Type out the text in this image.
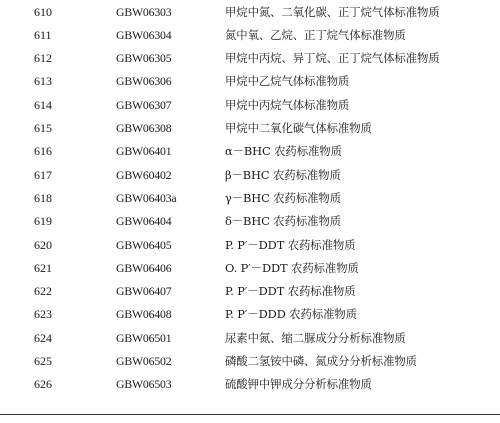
610	GBW06303	甲烷中氮、二氧化碳、正丁烷气体标准物质
611	GBW06304	氮中氧、乙烷、正丁烷气体标准物质
612	GBW06305	甲烷中丙烷、异丁烷、正丁烷气体标准物质
613	GBW06306	甲烷中乙烷气体标准物质
614	GBW06307	甲烷中丙烷气体标准物质
615	GBW06308	甲烷中二氧化碳气体标准物质
616	GBW06401	α－BHC 农药标准物质
617	GBW60402	β－BHC 农药标准物质
618	GBW06403a	γ－BHC 农药标准物质
619	GBW06404	δ－BHC 农药标准物质
620	GBW06405	P. P′－DDT 农药标准物质
621	GBW06406	O. P′－DDT 农药标准物质
622	GBW06407	P. P′－DDT 农药标准物质
623	GBW06408	P. P′－DDD 农药标准物质
624	GBW06501	尿素中氮、缩二脲成分分析标准物质
625	GBW06502	磷酸二氢铵中磷、氮成分分析标准物质
626	GBW06503	硫酸钾中钾成分分析标准物质
